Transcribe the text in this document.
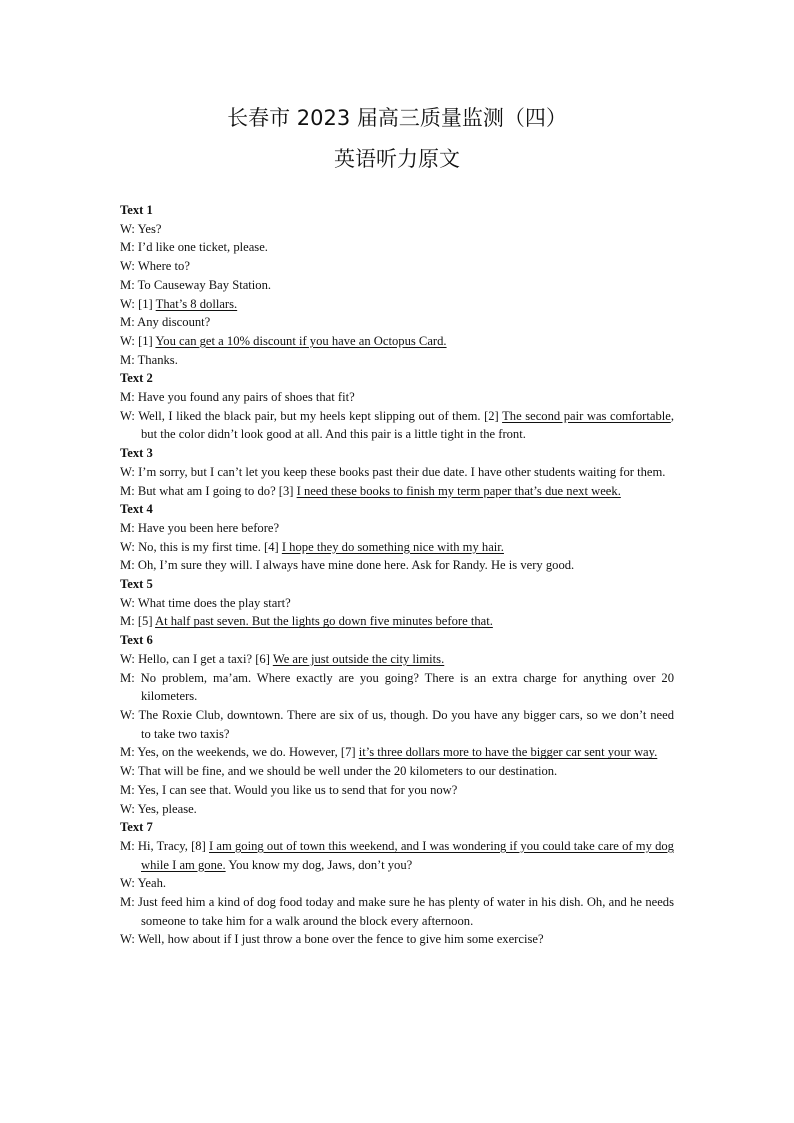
长春市 2023 届高三质量监测（四）
英语听力原文
Text 1
W: Yes?
M: I’d like one ticket, please.
W: Where to?
M: To Causeway Bay Station.
W: [1] That’s 8 dollars.
M: Any discount?
W: [1] You can get a 10% discount if you have an Octopus Card.
M: Thanks.
Text 2
M: Have you found any pairs of shoes that fit?
W: Well, I liked the black pair, but my heels kept slipping out of them. [2] The second pair was comfortable, but the color didn’t look good at all. And this pair is a little tight in the front.
Text 3
W: I’m sorry, but I can’t let you keep these books past their due date. I have other students waiting for them.
M: But what am I going to do? [3] I need these books to finish my term paper that’s due next week.
Text 4
M: Have you been here before?
W: No, this is my first time. [4] I hope they do something nice with my hair.
M: Oh, I’m sure they will. I always have mine done here. Ask for Randy. He is very good.
Text 5
W: What time does the play start?
M: [5] At half past seven. But the lights go down five minutes before that.
Text 6
W: Hello, can I get a taxi? [6] We are just outside the city limits.
M: No problem, ma’am. Where exactly are you going? There is an extra charge for anything over 20 kilometers.
W: The Roxie Club, downtown. There are six of us, though. Do you have any bigger cars, so we don’t need to take two taxis?
M: Yes, on the weekends, we do. However, [7] it’s three dollars more to have the bigger car sent your way.
W: That will be fine, and we should be well under the 20 kilometers to our destination.
M: Yes, I can see that. Would you like us to send that for you now?
W: Yes, please.
Text 7
M: Hi, Tracy, [8] I am going out of town this weekend, and I was wondering if you could take care of my dog while I am gone. You know my dog, Jaws, don’t you?
W: Yeah.
M: Just feed him a kind of dog food today and make sure he has plenty of water in his dish. Oh, and he needs someone to take him for a walk around the block every afternoon.
W: Well, how about if I just throw a bone over the fence to give him some exercise?
